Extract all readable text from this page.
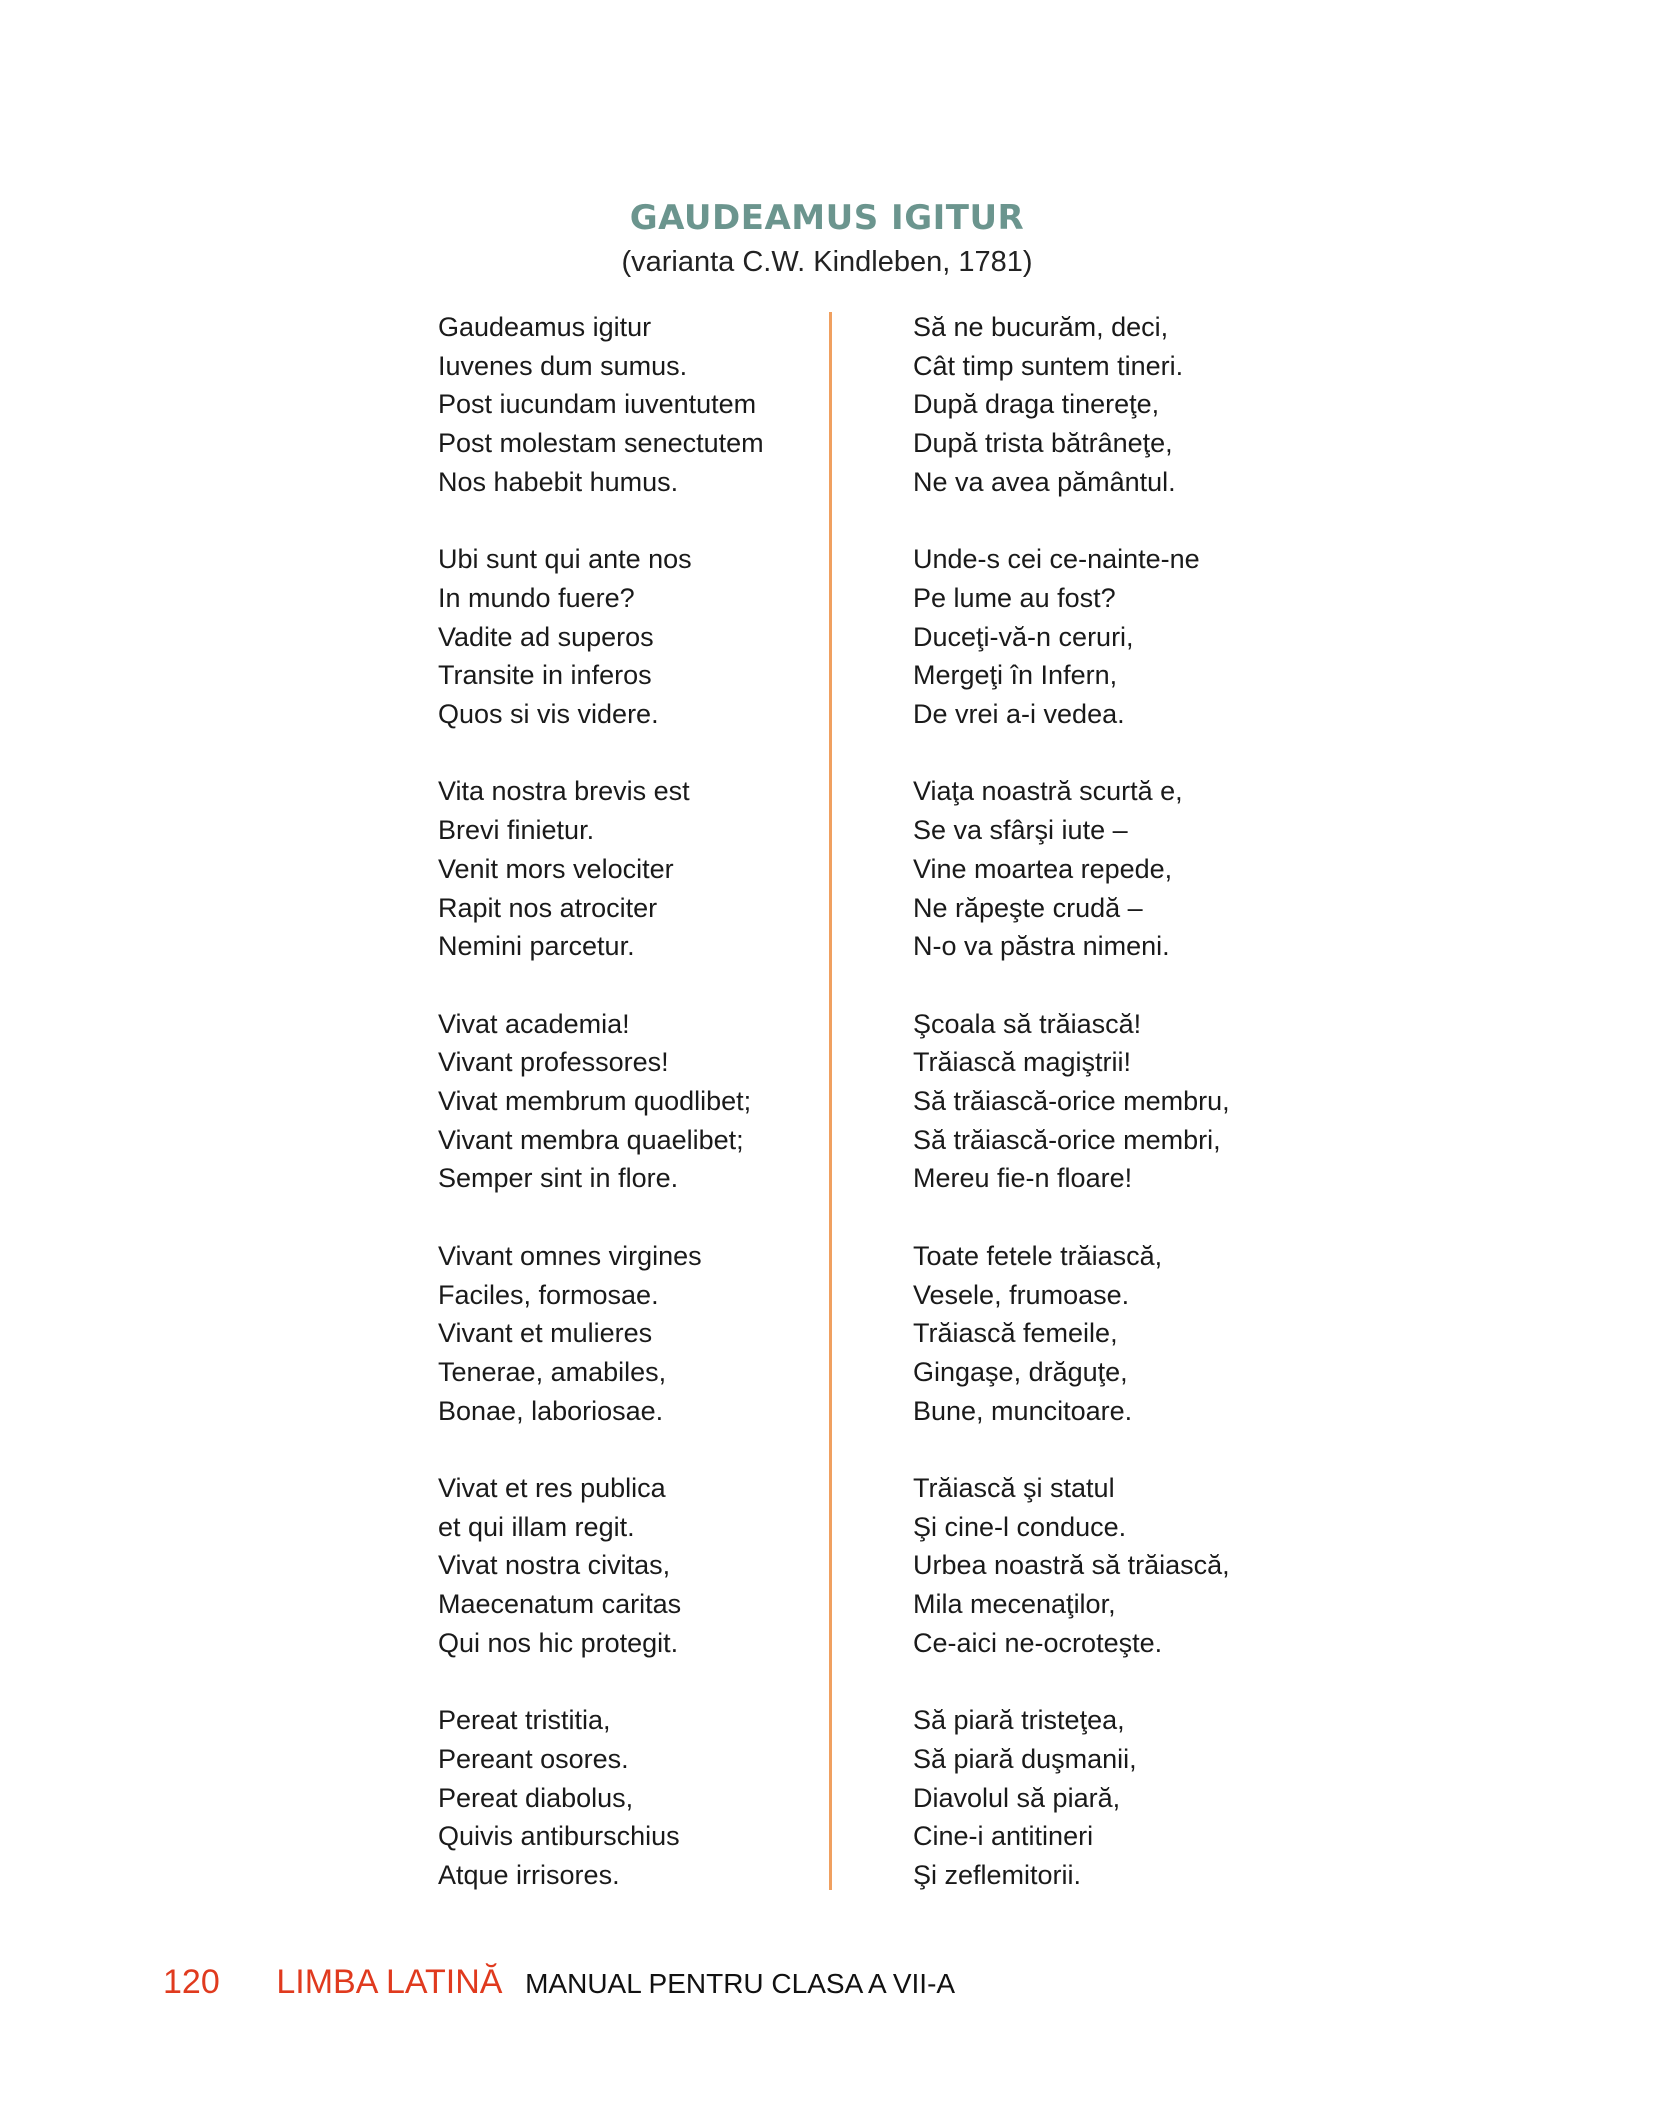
GAUDEAMUS IGITUR
(varianta C.W. Kindleben, 1781)
Gaudeamus igitur
Iuvenes dum sumus.
Post iucundam iuventutem
Post molestam senectutem
Nos habebit humus.
Ubi sunt qui ante nos
In mundo fuere?
Vadite ad superos
Transite in inferos
Quos si vis videre.
Vita nostra brevis est
Brevi finietur.
Venit mors velociter
Rapit nos atrociter
Nemini parcetur.
Vivat academia!
Vivant professores!
Vivat membrum quodlibet;
Vivant membra quaelibet;
Semper sint in flore.
Vivant omnes virgines
Faciles, formosae.
Vivant et mulieres
Tenerae, amabiles,
Bonae, laboriosae.
Vivat et res publica
et qui illam regit.
Vivat nostra civitas,
Maecenatum caritas
Qui nos hic protegit.
Pereat tristitia,
Pereant osores.
Pereat diabolus,
Quivis antiburschius
Atque irrisores.
Să ne bucurăm, deci,
Cât timp suntem tineri.
După draga tinereţe,
După trista bătrâneţe,
Ne va avea pământul.
Unde-s cei ce-nainte-ne
Pe lume au fost?
Duceţi-vă-n ceruri,
Mergeţi în Infern,
De vrei a-i vedea.
Viaţa noastră scurtă e,
Se va sfârşi iute –
Vine moartea repede,
Ne răpeşte crudă –
N-o va păstra nimeni.
Şcoala să trăiască!
Trăiască magiştrii!
Să trăiască-orice membru,
Să trăiască-orice membri,
Mereu fie-n floare!
Toate fetele trăiască,
Vesele, frumoase.
Trăiască femeile,
Gingaşe, drăguţe,
Bune, muncitoare.
Trăiască şi statul
Şi cine-l conduce.
Urbea noastră să trăiască,
Mila mecenaţilor,
Ce-aici ne-ocroteşte.
Să piară tristeţea,
Să piară duşmanii,
Diavolul să piară,
Cine-i antitineri
Şi zeflemitorii.
120 LIMBA LATINĂ MANUAL PENTRU CLASA A VII-A
